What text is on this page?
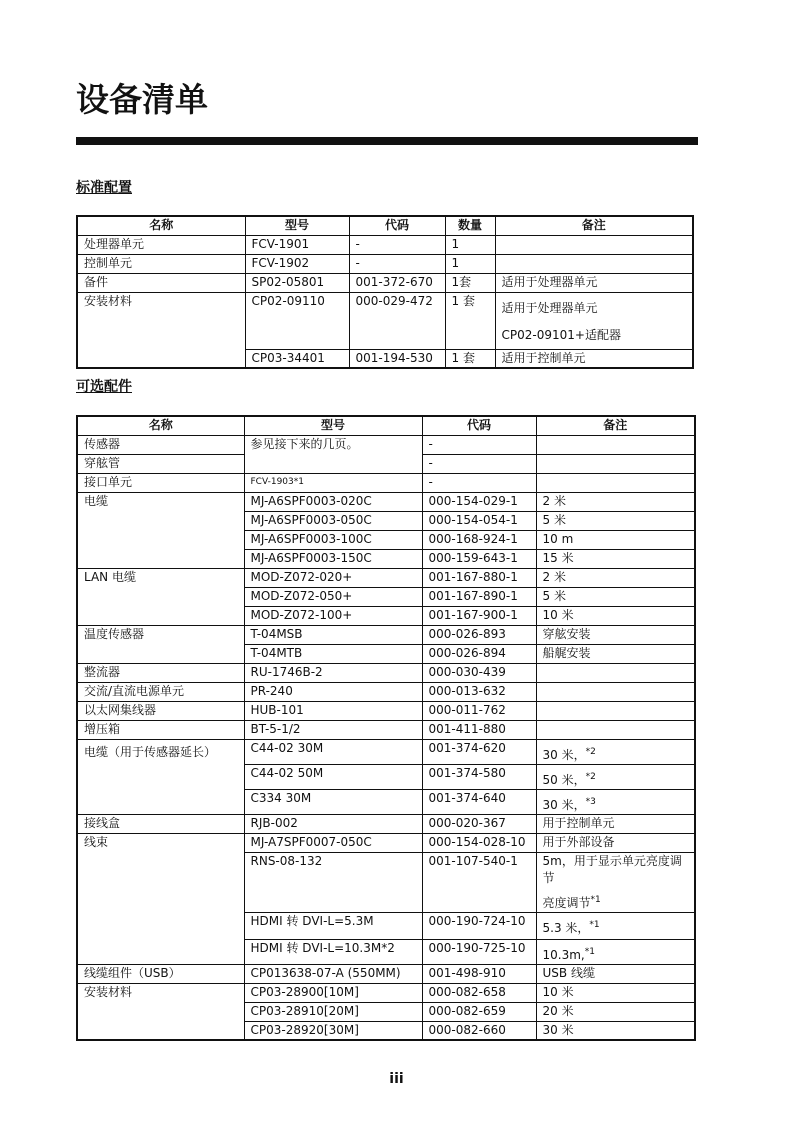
设备清单
标准配置
名称	型号	代码	数量	备注
处理器单元	FCV-1901	-	1	
控制单元	FCV-1902	-	1	
备件	SP02-05801	001-372-670	1套	适用于处理器单元
安装材料	CP02-09110	000-029-472	1 套	适用于处理器单元
CP02-09101+适配器

	CP03-34401	001-194-530	1 套	适用于控制单元
可选配件
名称	型号	代码	备注
传感器	参见接下来的几页。	-	
穿舷管		-	
接口单元	FCV-1903*1	-	
电缆	MJ-A6SPF0003-020C	000-154-029-1	2 米
	MJ-A6SPF0003-050C	000-154-054-1	5 米
	MJ-A6SPF0003-100C	000-168-924-1	10 m
	MJ-A6SPF0003-150C	000-159-643-1	15 米
LAN 电缆	MOD-Z072-020+	001-167-880-1	2 米
	MOD-Z072-050+	001-167-890-1	5 米
	MOD-Z072-100+	001-167-900-1	10 米
温度传感器	T-04MSB	000-026-893	穿舷安装
	T-04MTB	000-026-894	船艉安装
整流器	RU-1746B-2	000-030-439	
交流/直流电源单元	PR-240	000-013-632	
以太网集线器	HUB-101	000-011-762	
增压箱	BT-5-1/2	001-411-880	
电缆（用于传感器延长）	C44-02 30M	001-374-620	30 米，$^{*2}$
	C44-02 50M	001-374-580	50 米，$^{*2}$
	C334 30M	001-374-640	30 米，$^{*3}$
接线盒	RJB-002	000-020-367	用于控制单元
线束	MJ-A7SPF0007-050C	000-154-028-10	用于外部设备
	RNS-08-132	001-107-540-1	5m，用于显示单元亮度调节
亮度调节$^{*1}$

	HDMI 转 DVI-L=5.3M	000-190-724-10	5.3 米，$^{*1}$
	HDMI 转 DVI-L=10.3M*2	000-190-725-10	10.3m,$^{*1}$
线缆组件（USB）	CP013638-07-A (550MM)	001-498-910	USB 线缆
安装材料	CP03-28900[10M]	000-082-658	10 米
	CP03-28910[20M]	000-082-659	20 米
	CP03-28920[30M]	000-082-660	30 米
iii
